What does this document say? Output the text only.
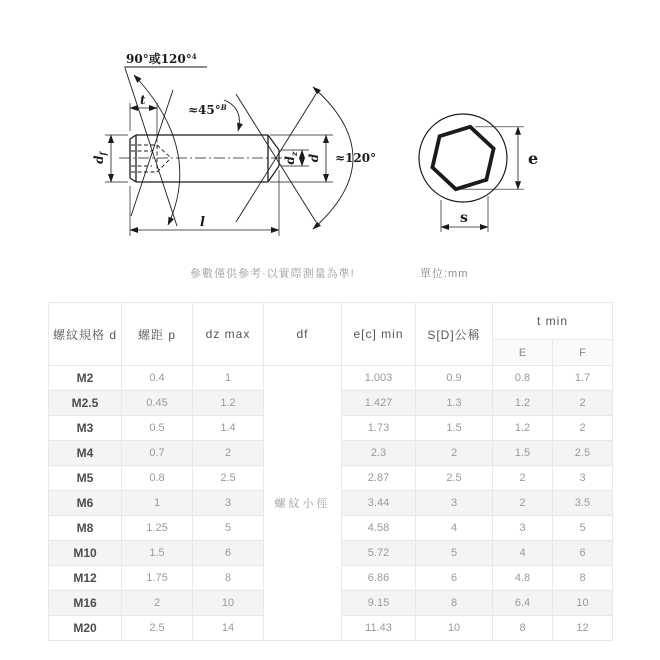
90°或120°$^4$
≈45°$^B$
≈120°
t
l
$d_f$
$d_z$ d	e
s
參數僅供參考·以實際測量為準!	單位:mm
螺紋規格 d	螺距 p	dz max	df	e[c] min	S[D]公稱	t min	
						E	F
M2	0.4	1	螺紋小徑	1.003	0.9	0.8	1.7
M2.5	0.45	1.2		1.427	1.3	1.2	2
M3	0.5	1.4		1.73	1.5	1.2	2
M4	0.7	2		2.3	2	1.5	2.5
M5	0.8	2.5		2.87	2.5	2	3
M6	1	3		3.44	3	2	3.5
M8	1.25	5		4.58	4	3	5
M10	1.5	6		5.72	5	4	6
M12	1.75	8		6.86	6	4.8	8
M16	2	10		9.15	8	6.4	10
M20	2.5	14		11.43	10	8	12
